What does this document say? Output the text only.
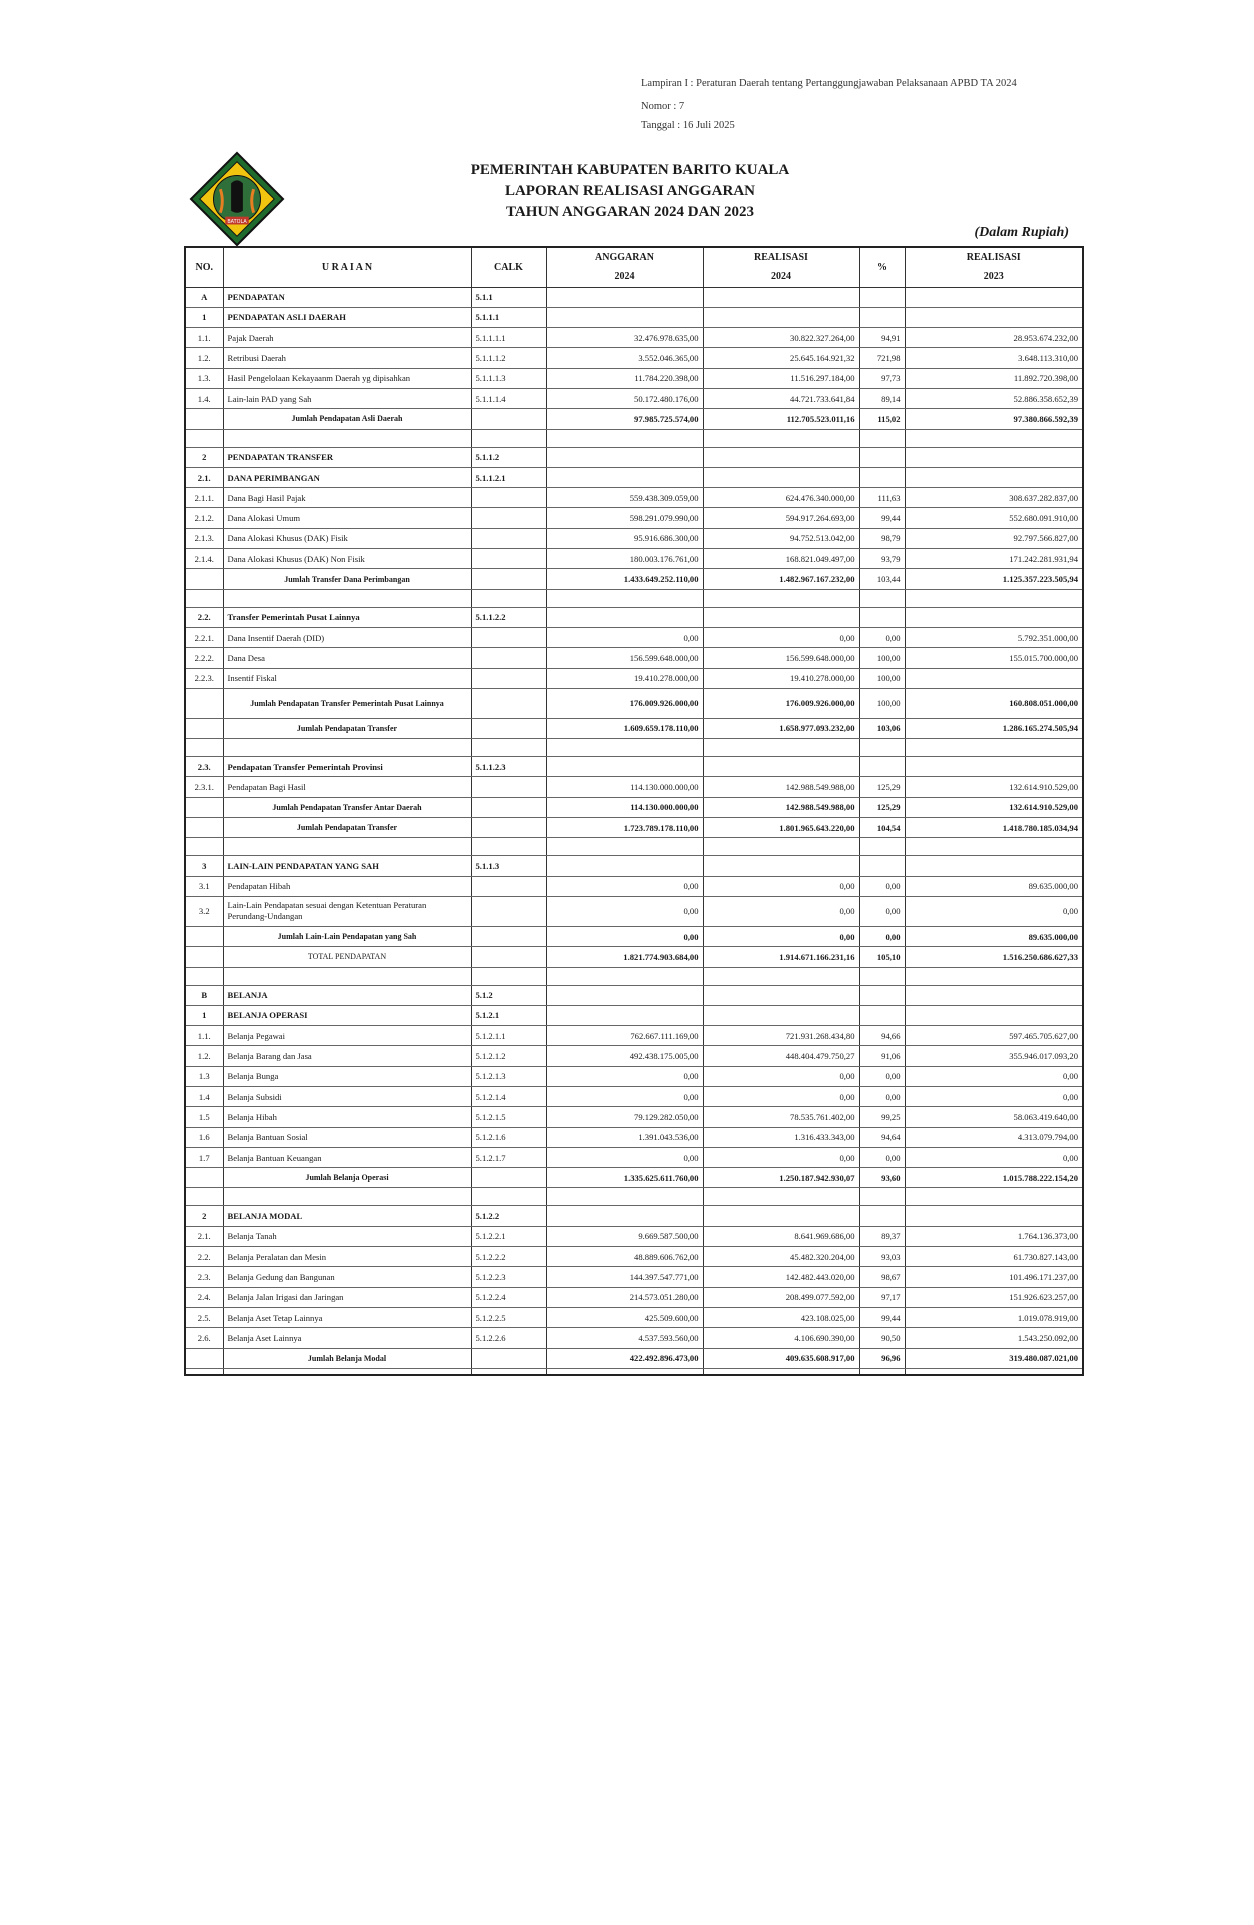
Lampiran I : Peraturan Daerah tentang Pertanggungjawaban Pelaksanaan APBD TA 2024
Nomor : 7
Tanggal : 16 Juli 2025
BATOLA
PEMERINTAH KABUPATEN BARITO KUALA
LAPORAN REALISASI ANGGARAN
TAHUN ANGGARAN 2024 DAN 2023
(Dalam Rupiah)
NO.	U R A I A N	CALK	ANGGARAN	REALISASI	%	REALISASI
			2024	2024		2023
A	PENDAPATAN	5.1.1				
1	PENDAPATAN ASLI DAERAH	5.1.1.1				
1.1.	Pajak Daerah	5.1.1.1.1	32.476.978.635,00	30.822.327.264,00	94,91	28.953.674.232,00
1.2.	Retribusi Daerah	5.1.1.1.2	3.552.046.365,00	25.645.164.921,32	721,98	3.648.113.310,00
1.3.	Hasil Pengelolaan Kekayaanm Daerah yg dipisahkan	5.1.1.1.3	11.784.220.398,00	11.516.297.184,00	97,73	11.892.720.398,00
1.4.	Lain-lain PAD yang Sah	5.1.1.1.4	50.172.480.176,00	44.721.733.641,84	89,14	52.886.358.652,39
	Jumlah Pendapatan Asli Daerah		97.985.725.574,00	112.705.523.011,16	115,02	97.380.866.592,39

2	PENDAPATAN TRANSFER	5.1.1.2				
2.1.	DANA PERIMBANGAN	5.1.1.2.1				
2.1.1.	Dana Bagi Hasil Pajak		559.438.309.059,00	624.476.340.000,00	111,63	308.637.282.837,00
2.1.2.	Dana Alokasi Umum		598.291.079.990,00	594.917.264.693,00	99,44	552.680.091.910,00
2.1.3.	Dana Alokasi Khusus (DAK) Fisik		95.916.686.300,00	94.752.513.042,00	98,79	92.797.566.827,00
2.1.4.	Dana Alokasi Khusus (DAK) Non Fisik		180.003.176.761,00	168.821.049.497,00	93,79	171.242.281.931,94
	Jumlah Transfer Dana Perimbangan		1.433.649.252.110,00	1.482.967.167.232,00	103,44	1.125.357.223.505,94

2.2.	Transfer Pemerintah Pusat Lainnya	5.1.1.2.2				
2.2.1.	Dana Insentif Daerah (DID)		0,00	0,00	0,00	5.792.351.000,00
2.2.2.	Dana Desa		156.599.648.000,00	156.599.648.000,00	100,00	155.015.700.000,00
2.2.3.	Insentif Fiskal		19.410.278.000,00	19.410.278.000,00	100,00	
	Jumlah Pendapatan Transfer Pemerintah Pusat Lainnya		176.009.926.000,00	176.009.926.000,00	100,00	160.808.051.000,00
	Jumlah Pendapatan Transfer		1.609.659.178.110,00	1.658.977.093.232,00	103,06	1.286.165.274.505,94

2.3.	Pendapatan Transfer Pemerintah Provinsi	5.1.1.2.3				
2.3.1.	Pendapatan Bagi Hasil		114.130.000.000,00	142.988.549.988,00	125,29	132.614.910.529,00
	Jumlah Pendapatan Transfer Antar Daerah		114.130.000.000,00	142.988.549.988,00	125,29	132.614.910.529,00
	Jumlah Pendapatan Transfer		1.723.789.178.110,00	1.801.965.643.220,00	104,54	1.418.780.185.034,94

3	LAIN-LAIN PENDAPATAN YANG SAH	5.1.1.3				
3.1	Pendapatan Hibah		0,00	0,00	0,00	89.635.000,00
3.2	Lain-Lain Pendapatan sesuai dengan Ketentuan Peraturan Perundang-Undangan		0,00	0,00	0,00	0,00
	Jumlah Lain-Lain Pendapatan yang Sah		0,00	0,00	0,00	89.635.000,00
	TOTAL PENDAPATAN		1.821.774.903.684,00	1.914.671.166.231,16	105,10	1.516.250.686.627,33

B	BELANJA	5.1.2				
1	BELANJA OPERASI	5.1.2.1				
1.1.	Belanja Pegawai	5.1.2.1.1	762.667.111.169,00	721.931.268.434,80	94,66	597.465.705.627,00
1.2.	Belanja Barang dan Jasa	5.1.2.1.2	492.438.175.005,00	448.404.479.750,27	91,06	355.946.017.093,20
1.3	Belanja Bunga	5.1.2.1.3	0,00	0,00	0,00	0,00
1.4	Belanja Subsidi	5.1.2.1.4	0,00	0,00	0,00	0,00
1.5	Belanja Hibah	5.1.2.1.5	79.129.282.050,00	78.535.761.402,00	99,25	58.063.419.640,00
1.6	Belanja Bantuan Sosial	5.1.2.1.6	1.391.043.536,00	1.316.433.343,00	94,64	4.313.079.794,00
1.7	Belanja Bantuan Keuangan	5.1.2.1.7	0,00	0,00	0,00	0,00
	Jumlah Belanja Operasi		1.335.625.611.760,00	1.250.187.942.930,07	93,60	1.015.788.222.154,20

2	BELANJA MODAL	5.1.2.2				
2.1.	Belanja Tanah	5.1.2.2.1	9.669.587.500,00	8.641.969.686,00	89,37	1.764.136.373,00
2.2.	Belanja Peralatan dan Mesin	5.1.2.2.2	48.889.606.762,00	45.482.320.204,00	93,03	61.730.827.143,00
2.3.	Belanja Gedung dan Bangunan	5.1.2.2.3	144.397.547.771,00	142.482.443.020,00	98,67	101.496.171.237,00
2.4.	Belanja Jalan Irigasi dan Jaringan	5.1.2.2.4	214.573.051.280,00	208.499.077.592,00	97,17	151.926.623.257,00
2.5.	Belanja Aset Tetap Lainnya	5.1.2.2.5	425.509.600,00	423.108.025,00	99,44	1.019.078.919,00
2.6.	Belanja Aset Lainnya	5.1.2.2.6	4.537.593.560,00	4.106.690.390,00	90,50	1.543.250.092,00
	Jumlah Belanja Modal		422.492.896.473,00	409.635.608.917,00	96,96	319.480.087.021,00
